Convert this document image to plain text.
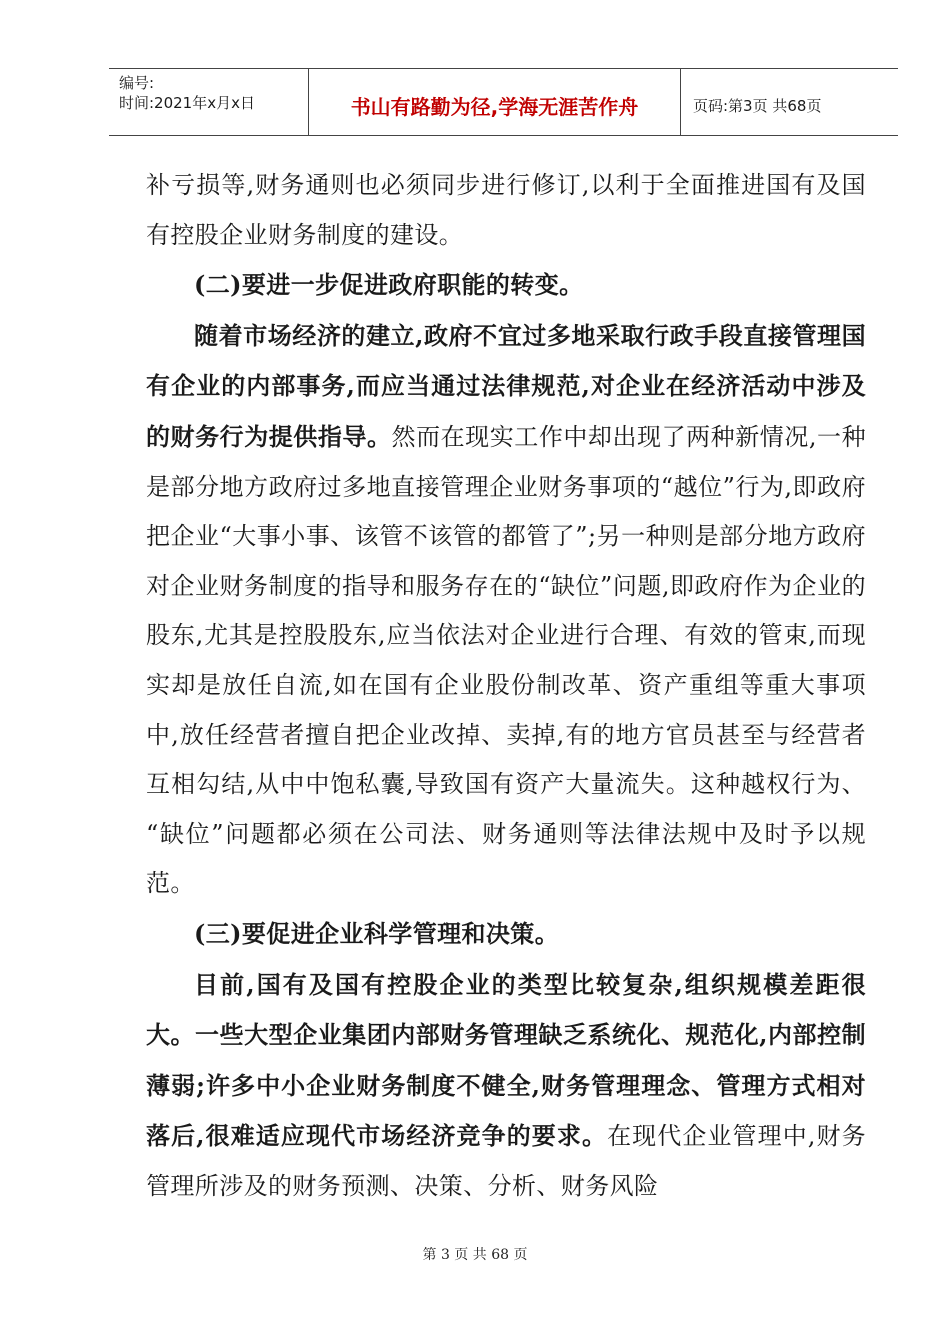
编号:
时间:2021年x月x日	书山有路勤为径,学海无涯苦作舟	页码:第3页 共68页

补亏损等,财务通则也必须同步进行修订,以利于全面推进国有及国有控股企业财务制度的建设。

(二)要进一步促进政府职能的转变。

随着市场经济的建立,政府不宜过多地采取行政手段直接管理国有企业的内部事务,而应当通过法律规范,对企业在经济活动中涉及的财务行为提供指导。然而在现实工作中却出现了两种新情况,一种是部分地方政府过多地直接管理企业财务事项的“越位”行为,即政府把企业“大事小事、该管不该管的都管了”;另一种则是部分地方政府对企业财务制度的指导和服务存在的“缺位”问题,即政府作为企业的股东,尤其是控股股东,应当依法对企业进行合理、有效的管束,而现实却是放任自流,如在国有企业股份制改革、资产重组等重大事项中,放任经营者擅自把企业改掉、卖掉,有的地方官员甚至与经营者互相勾结,从中中饱私囊,导致国有资产大量流失。这种越权行为、 “缺位”问题都必须在公司法、财务通则等法律法规中及时予以规范。

(三)要促进企业科学管理和决策。

目前,国有及国有控股企业的类型比较复杂,组织规模差距很大。一些大型企业集团内部财务管理缺乏系统化、规范化,内部控制薄弱;许多中小企业财务制度不健全,财务管理理念、管理方式相对落后,很难适应现代市场经济竞争的要求。在现代企业管理中,财务管理所涉及的财务预测、决策、分析、财务风险

第 3 页 共 68 页
